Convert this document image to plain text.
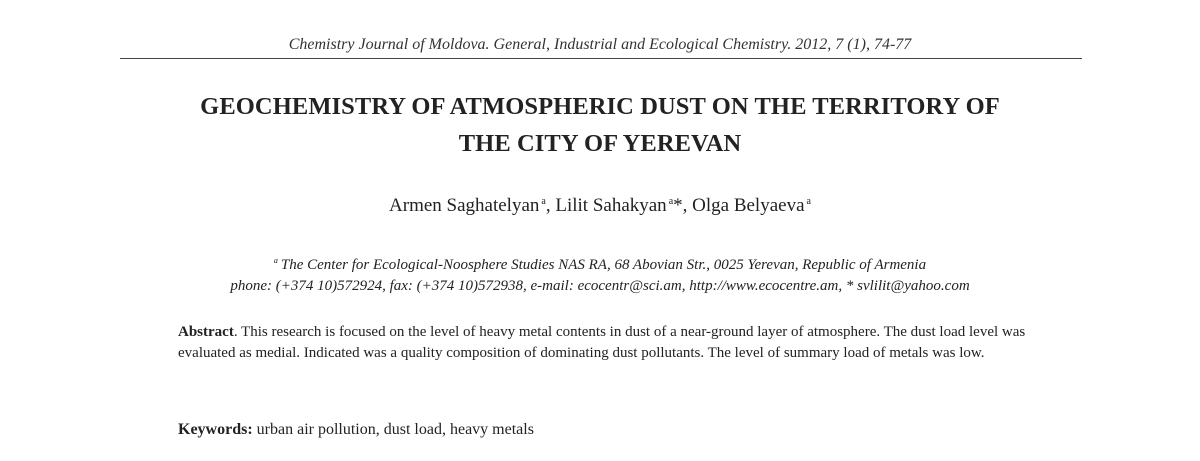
Chemistry Journal of Moldova. General, Industrial and Ecological Chemistry. 2012, 7 (1), 74-77
GEOCHEMISTRY OF ATMOSPHERIC DUST ON THE TERRITORY OF
THE CITY OF YEREVAN
Armen Saghatelyan $^a$, Lilit Sahakyan $^a$*, Olga Belyaeva $^a$
$^a$ The Center for Ecological-Noosphere Studies NAS RA, 68 Abovian Str., 0025 Yerevan, Republic of Armenia
phone: (+374 10)572924, fax: (+374 10)572938, e-mail: ecocentr@sci.am, http://www.ecocentre.am, * svlilit@yahoo.com
Abstract. This research is focused on the level of heavy metal contents in dust of a near-ground layer of atmosphere. The dust load level was evaluated as medial. Indicated was a quality composition of dominating dust pollutants. The level of summary load of metals was low.
Keywords: urban air pollution, dust load, heavy metals
